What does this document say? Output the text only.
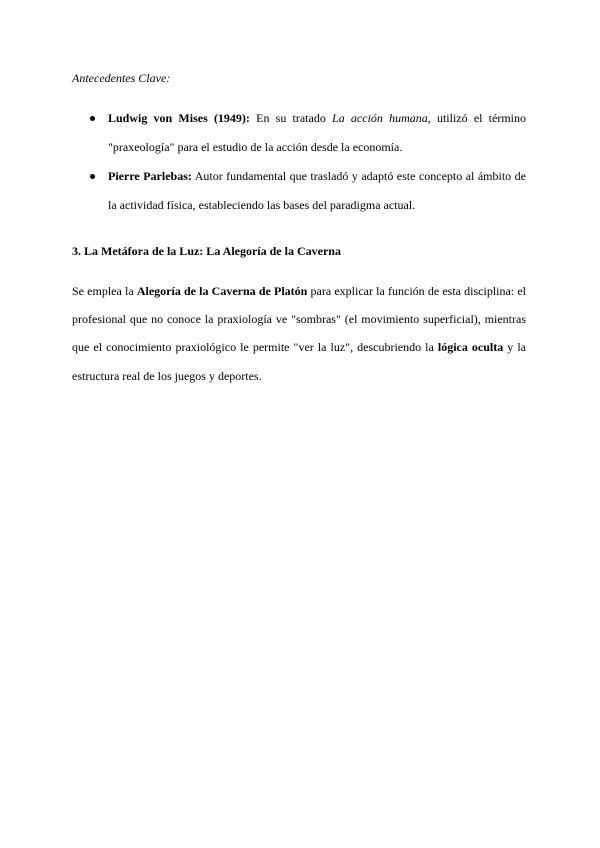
Antecedentes Clave:

Ludwig von Mises (1949): En su tratado La acción humana, utilizó el término "praxeología" para el estudio de la acción desde la economía.
Pierre Parlebas: Autor fundamental que trasladó y adaptó este concepto al ámbito de la actividad física, estableciendo las bases del paradigma actual.
3. La Metáfora de la Luz: La Alegoría de la Caverna

Se emplea la Alegoría de la Caverna de Platón para explicar la función de esta disciplina: el profesional que no conoce la praxiología ve "sombras" (el movimiento superficial), mientras que el conocimiento praxiológico le permite "ver la luz", descubriendo la lógica oculta y la estructura real de los juegos y deportes.
